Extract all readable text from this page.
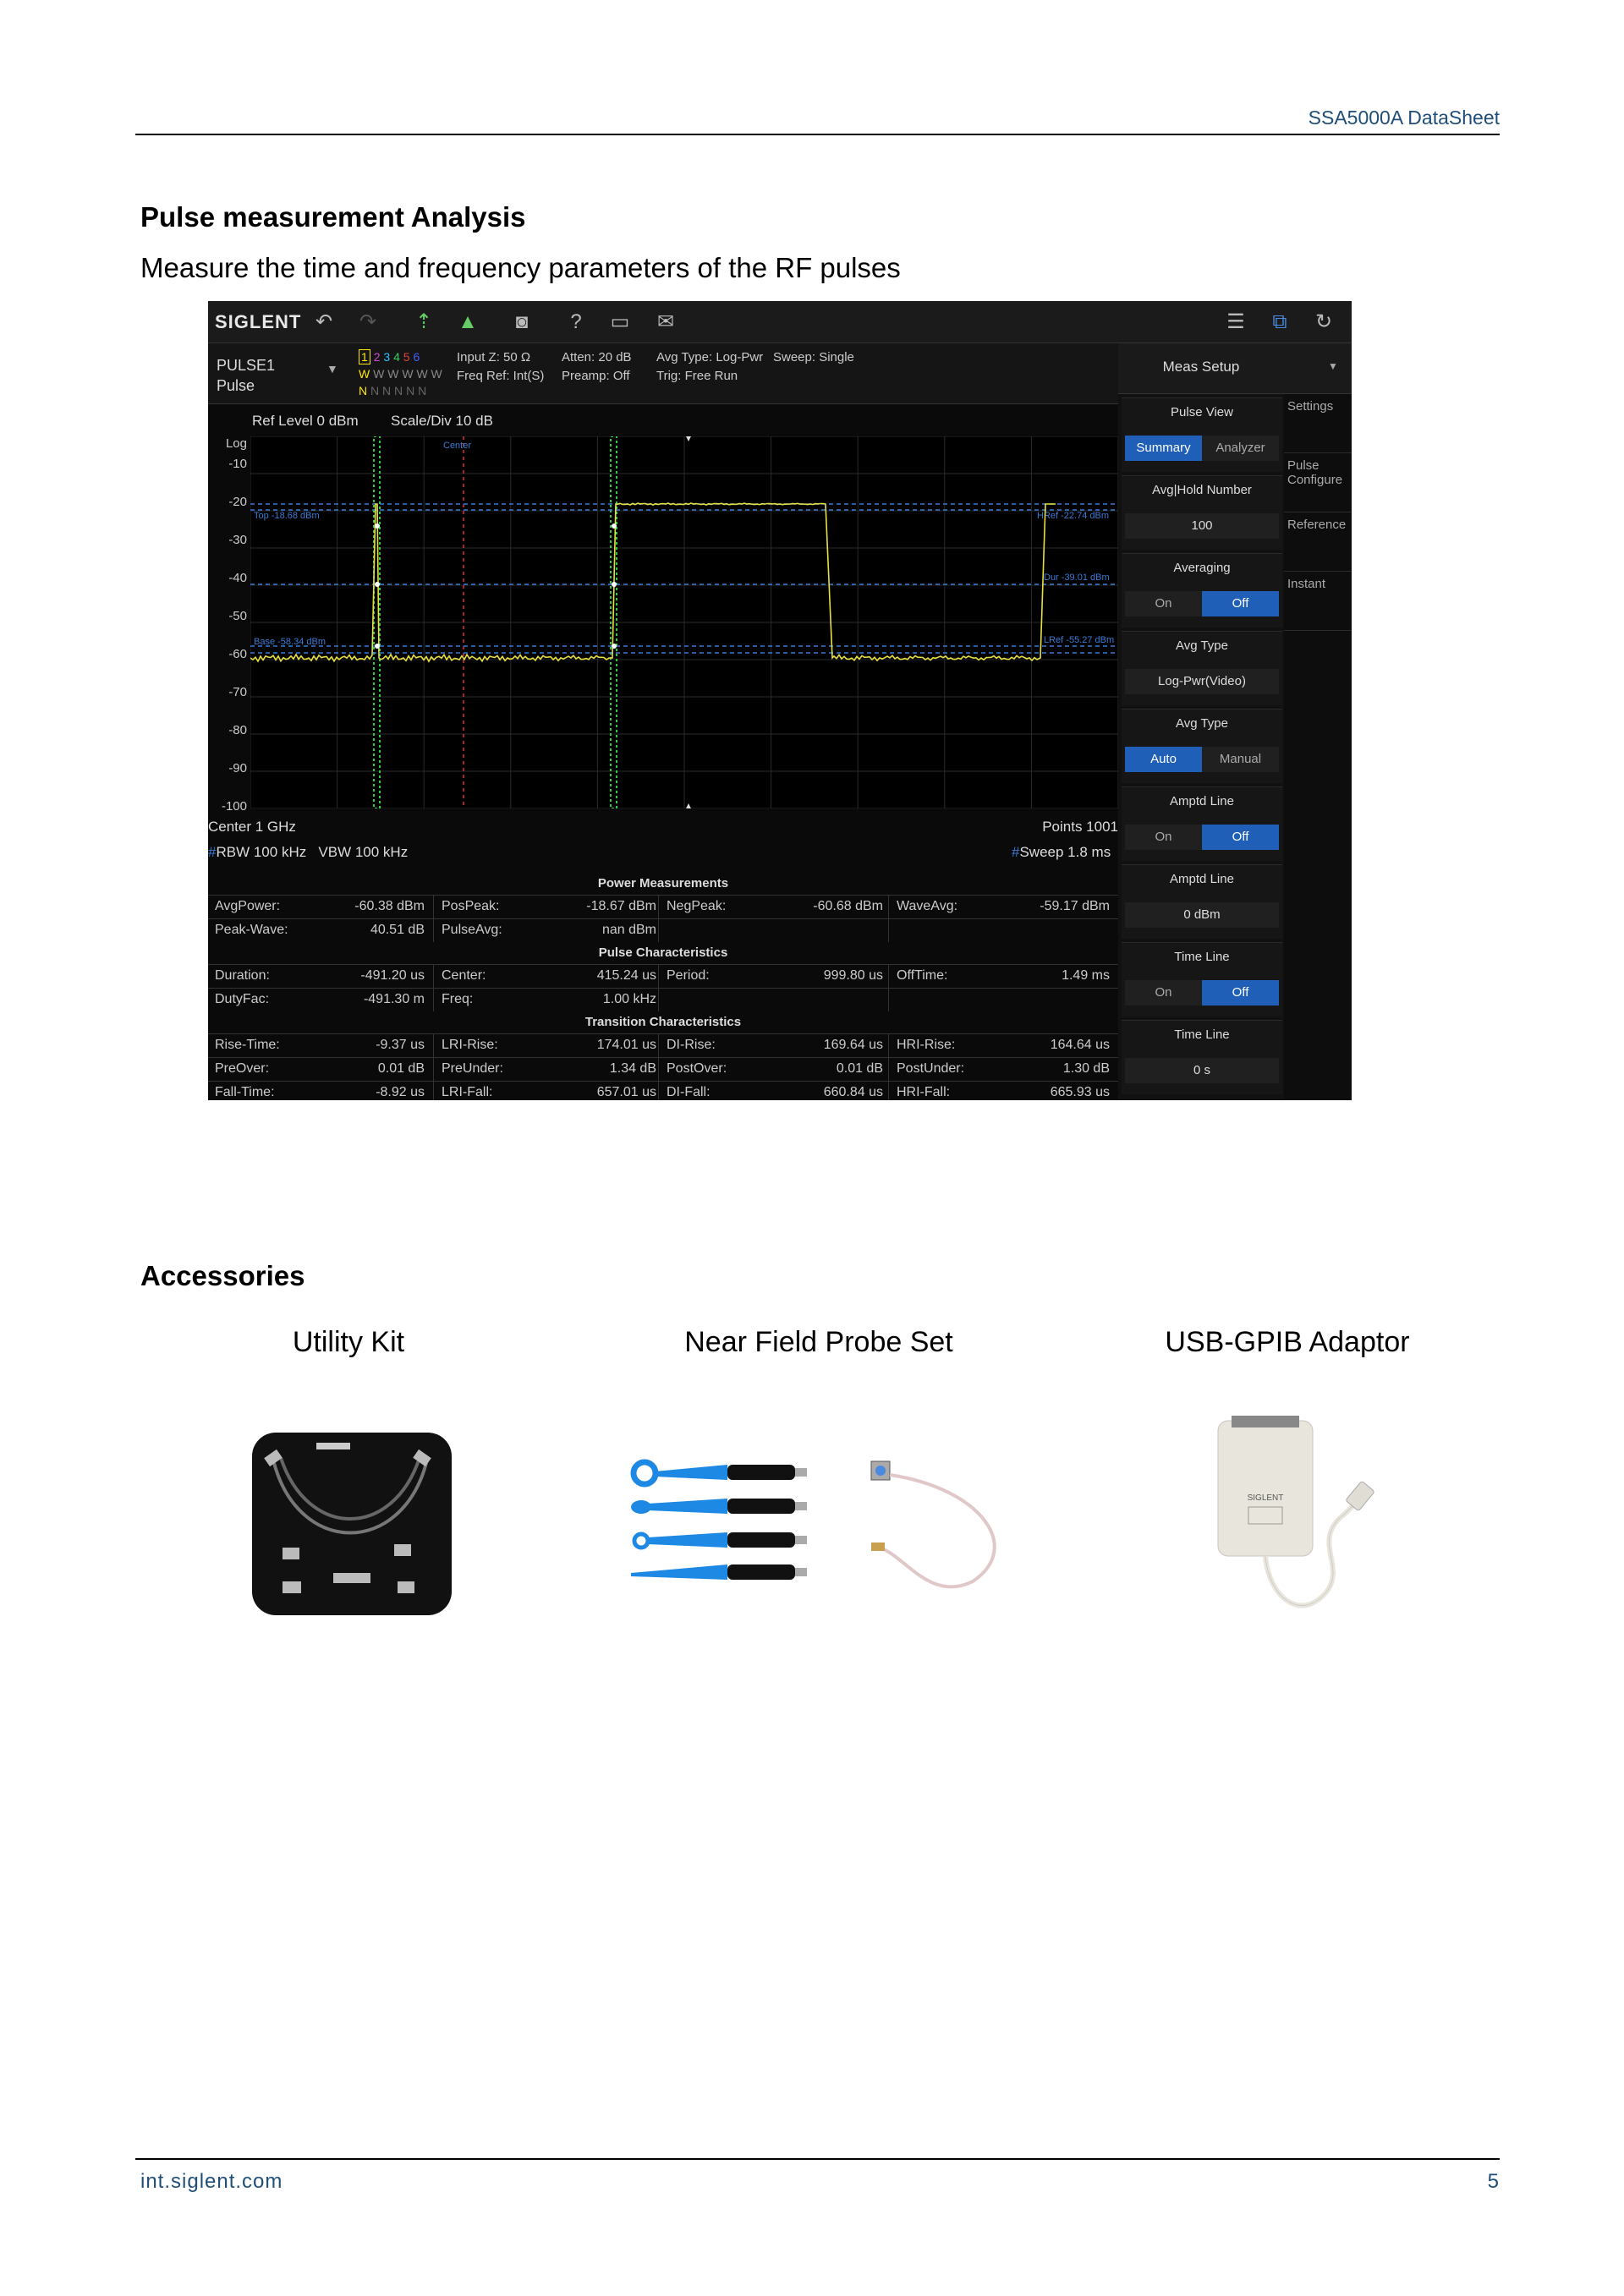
SSA5000A DataSheet
Pulse measurement Analysis
Measure the time and frequency parameters of the RF pulses
SIGLENT ↶ ↷ ⇡ ▲	◙	?	▭ ✉	☰ ⧉ ↻
PULSE1
Pulse
▼
1 2 3 4 5 6
W W W W W W
N N N N N N
Input Z: 50 Ω
Freq Ref: Int(S)
Atten: 20 dB
Preamp: Off
Avg Type: Log-Pwr
Trig: Free Run
Sweep: Single
Ref Level 0 dBm Scale/Div 10 dB
Log
-10
-20
-30
-40
-50
-60
-70
-80
-90
-100
Center
Top -18.68 dBm
Base -58.34 dBm
HRef -22.74 dBm
Dur -39.01 dBm
LRef -55.27 dBm
Center 1 GHz	Points 1001
#RBW 100 kHz VBW 100 kHz	#Sweep 1.8 ms
Power Measurements
AvgPower:	-60.38 dBm PosPeak:	-18.67 dBm NegPeak:	-60.68 dBm WaveAvg:	-59.17 dBm
Peak-Wave:	40.51 dB PulseAvg:	nan dBm
Pulse Characteristics
Duration:	-491.20 us Center:	415.24 us Period:	999.80 us OffTime:	1.49 ms
DutyFac:	-491.30 m Freq:	1.00 kHz
Transition Characteristics
Rise-Time:	-9.37 us LRI-Rise:	174.01 us DI-Rise:	169.64 us HRI-Rise:	164.64 us
PreOver:	0.01 dB PreUnder:	1.34 dB PostOver:	0.01 dB PostUnder:	1.30 dB
Fall-Time:	-8.92 us LRI-Fall:	657.01 us DI-Fall:	660.84 us HRI-Fall:	665.93 us
Meas Setup	▼
Pulse View
Summary	Analyzer
Avg|Hold Number
100
Averaging
On	Off
Avg Type
Log-Pwr(Video)
Avg Type
Auto	Manual
Amptd Line
On	Off
Amptd Line
0 dBm
Time Line
On	Off
Time Line
0 s
Settings
Pulse Configure
Reference
Instant
Accessories
Utility Kit	Near Field Probe Set	USB-GPIB Adaptor
SIGLENT
int.siglent.com	5
